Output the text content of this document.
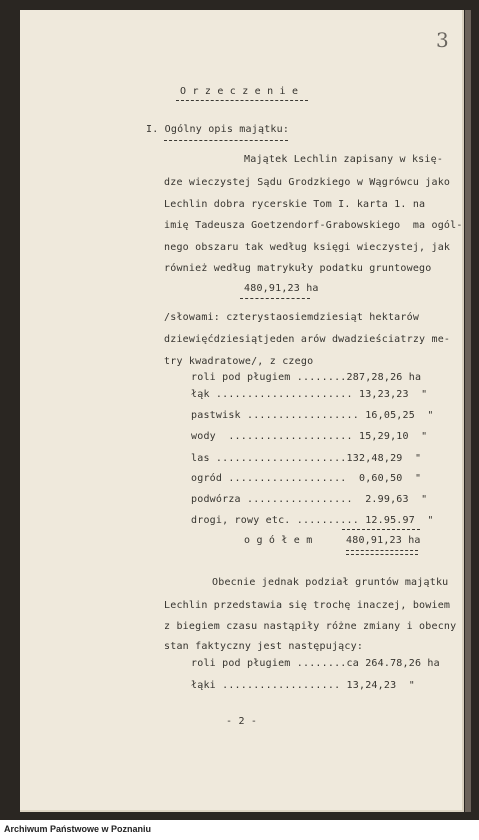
3
O r z e c z e n i e
I. Ogólny opis majątku:
Majątek Lechlin zapisany w księ-
dze wieczystej Sądu Grodzkiego w Wągrówcu jako
Lechlin dobra rycerskie Tom I. karta 1. na
imię Tadeusza Goetzendorf-Grabowskiego  ma ogól-
nego obszaru tak według księgi wieczystej, jak
również według matrykuły podatku gruntowego
480,91,23 ha
/słowami: czterystaosiemdziesiąt hektarów
dziewięćdziesiątjeden arów dwadzieściatrzy me-
try kwadratowe/, z czego
roli pod pługiem ........287,28,26 ha
łąk ...................... 13,23,23  "
pastwisk .................. 16,05,25  "
wody  .................... 15,29,10  "
las .....................132,48,29  "
ogród ...................  0,60,50  "
podwórza .................  2.99,63  "
drogi, rowy etc. .......... 12.95.97  "
o g ó ł e m	480,91,23 ha
Obecnie jednak podział gruntów majątku
Lechlin przedstawia się trochę inaczej, bowiem
z biegiem czasu nastąpiły różne zmiany i obecny
stan faktyczny jest następujący:
roli pod pługiem ........ca 264.78,26 ha
łąki ................... 13,24,23  "
- 2 -
Archiwum Państwowe w Poznaniu
